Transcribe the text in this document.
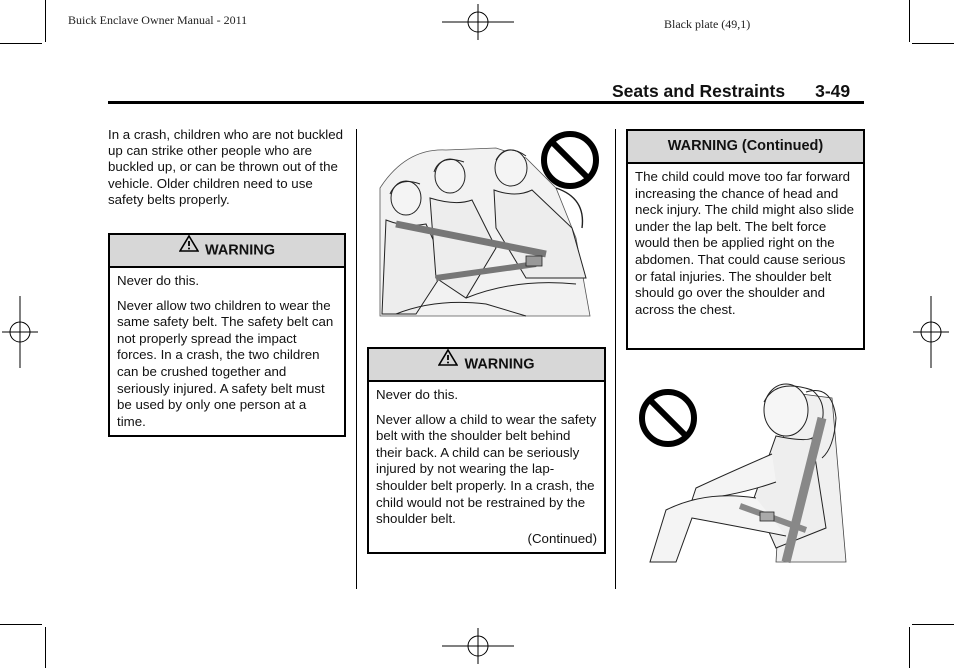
Buick Enclave Owner Manual - 2011	Black plate (49,1)
Seats and Restraints 3-49
In a crash, children who are not buckled up can strike other people who are buckled up, or can be thrown out of the vehicle. Older children need to use safety belts properly.
WARNING

Never do this.

Never allow two children to wear the same safety belt. The safety belt can not properly spread the impact forces. In a crash, the two children can be crushed together and seriously injured. A safety belt must be used by only one person at a time.

WARNING

Never do this.

Never allow a child to wear the safety belt with the shoulder belt behind their back. A child can be seriously injured by not wearing the lap-shoulder belt properly. In a crash, the child would not be restrained by the shoulder belt.

(Continued)
WARNING (Continued)

The child could move too far forward increasing the chance of head and neck injury. The child might also slide under the lap belt. The belt force would then be applied right on the abdomen. That could cause serious or fatal injuries. The shoulder belt should go over the shoulder and across the chest.
